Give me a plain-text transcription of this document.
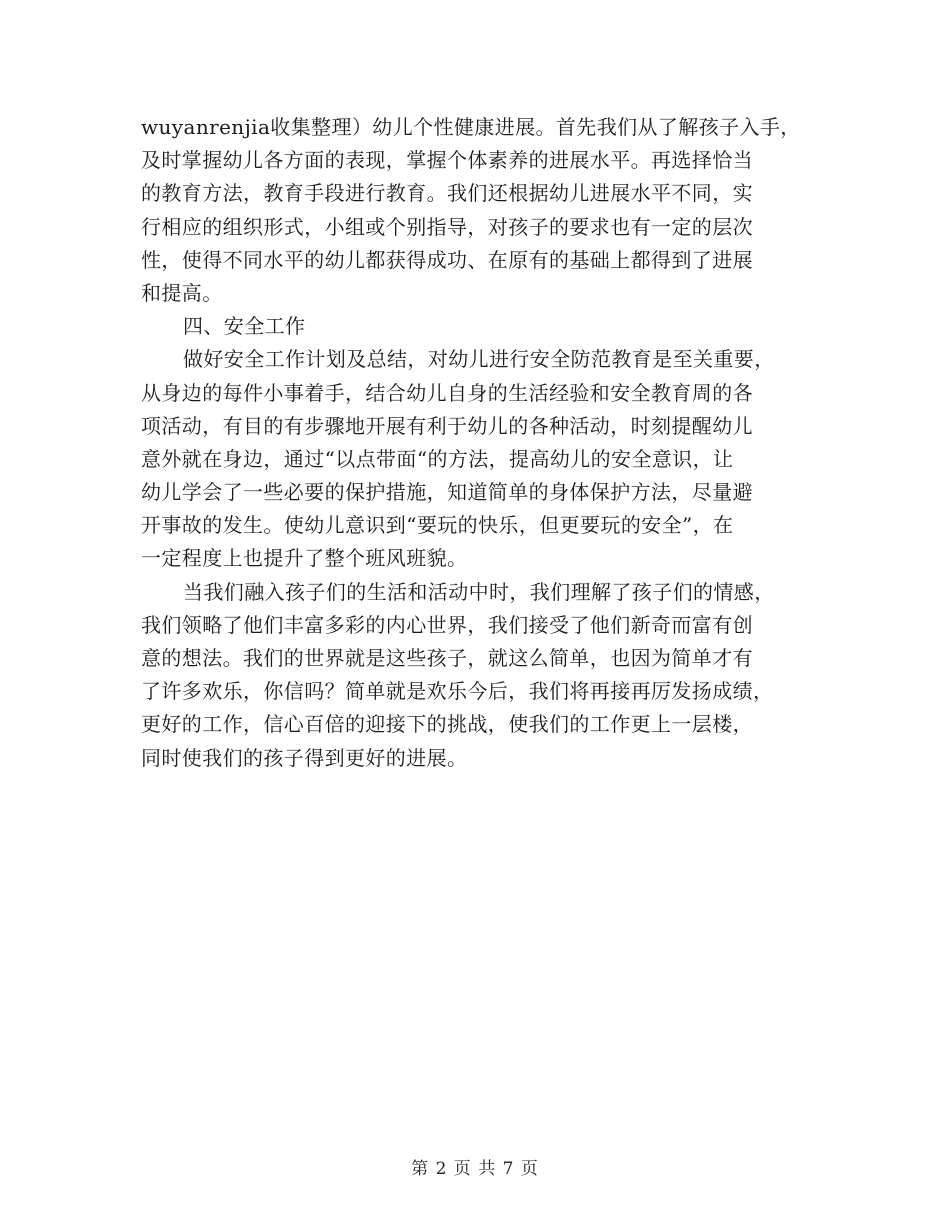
wuyanrenjia收集整理）幼儿个性健康进展。首先我们从了解孩子入手，
及时掌握幼儿各方面的表现，掌握个体素养的进展水平。再选择恰当
的教育方法，教育手段进行教育。我们还根据幼儿进展水平不同，实
行相应的组织形式，小组或个别指导，对孩子的要求也有一定的层次
性，使得不同水平的幼儿都获得成功、在原有的基础上都得到了进展
和提高。
四、安全工作
做好安全工作计划及总结，对幼儿进行安全防范教育是至关重要，
从身边的每件小事着手，结合幼儿自身的生活经验和安全教育周的各
项活动，有目的有步骤地开展有利于幼儿的各种活动，时刻提醒幼儿
意外就在身边，通过“以点带面“的方法，提高幼儿的安全意识，让
幼儿学会了一些必要的保护措施，知道简单的身体保护方法，尽量避
开事故的发生。使幼儿意识到“要玩的快乐，但更要玩的安全”，在
一定程度上也提升了整个班风班貌。
当我们融入孩子们的生活和活动中时，我们理解了孩子们的情感，
我们领略了他们丰富多彩的内心世界，我们接受了他们新奇而富有创
意的想法。我们的世界就是这些孩子，就这么简单，也因为简单才有
了许多欢乐，你信吗？简单就是欢乐今后，我们将再接再厉发扬成绩，
更好的工作，信心百倍的迎接下的挑战，使我们的工作更上一层楼，
同时使我们的孩子得到更好的进展。
第 2 页 共 7 页
